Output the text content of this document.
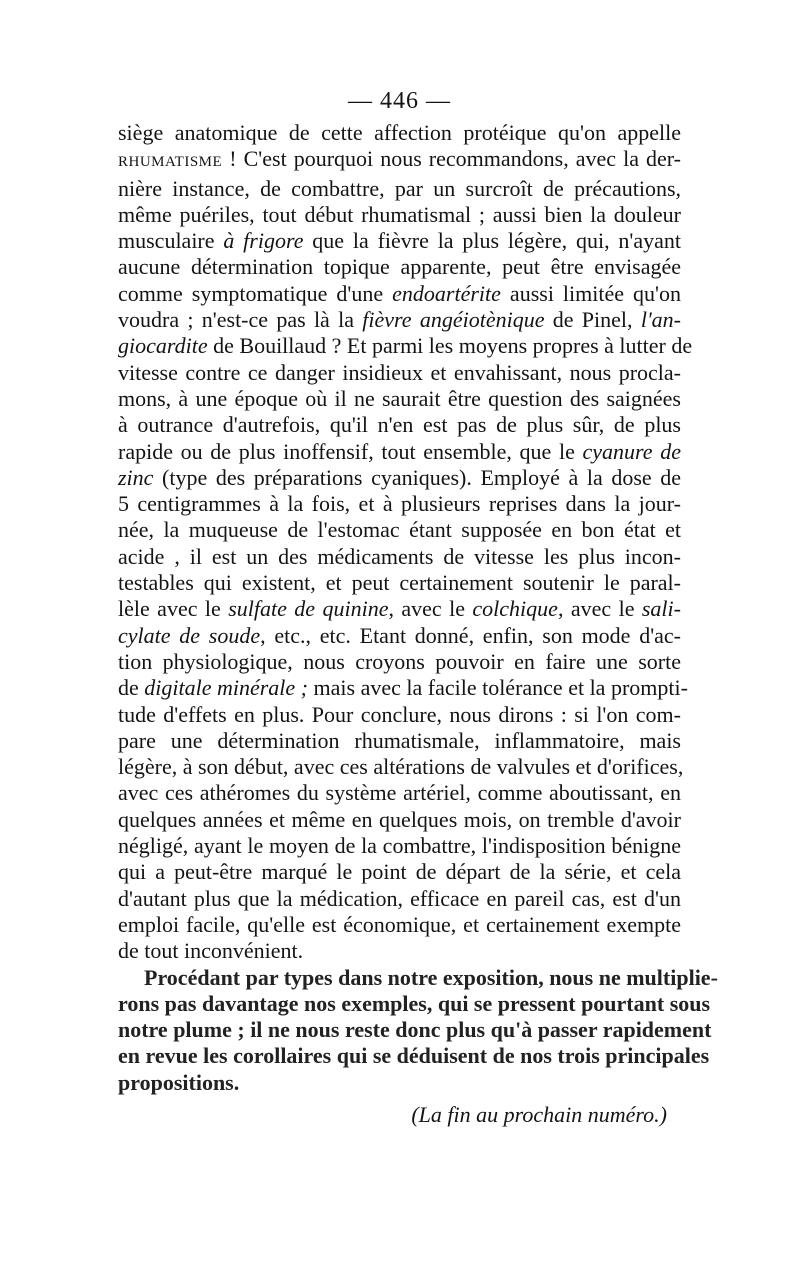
— 446 —
siège anatomique de cette affection protéique qu'on appelle
RHUMATISME ! C'est pourquoi nous recommandons, avec la der-
nière instance, de combattre, par un surcroît de précautions,
même puériles, tout début rhumatismal ; aussi bien la douleur
musculaire à frigore que la fièvre la plus légère, qui, n'ayant
aucune détermination topique apparente, peut être envisagée
comme symptomatique d'une endoartérite aussi limitée qu'on
voudra ; n'est-ce pas là la fièvre angéiotènique de Pinel, l'an-
giocardite de Bouillaud ? Et parmi les moyens propres à lutter de
vitesse contre ce danger insidieux et envahissant, nous procla-
mons, à une époque où il ne saurait être question des saignées
à outrance d'autrefois, qu'il n'en est pas de plus sûr, de plus
rapide ou de plus inoffensif, tout ensemble, que le cyanure de
zinc (type des préparations cyaniques). Employé à la dose de
5 centigrammes à la fois, et à plusieurs reprises dans la jour-
née, la muqueuse de l'estomac étant supposée en bon état et
acide , il est un des médicaments de vitesse les plus incon-
testables qui existent, et peut certainement soutenir le paral-
lèle avec le sulfate de quinine, avec le colchique, avec le sali-
cylate de soude, etc., etc. Etant donné, enfin, son mode d'ac-
tion physiologique, nous croyons pouvoir en faire une sorte
de digitale minérale ; mais avec la facile tolérance et la prompti-
tude d'effets en plus. Pour conclure, nous dirons : si l'on com-
pare une détermination rhumatismale, inflammatoire, mais
légère, à son début, avec ces altérations de valvules et d'orifices,
avec ces athéromes du système artériel, comme aboutissant, en
quelques années et même en quelques mois, on tremble d'avoir
négligé, ayant le moyen de la combattre, l'indisposition bénigne
qui a peut-être marqué le point de départ de la série, et cela
d'autant plus que la médication, efficace en pareil cas, est d'un
emploi facile, qu'elle est économique, et certainement exempte
de tout inconvénient.
Procédant par types dans notre exposition, nous ne multiplie-
rons pas davantage nos exemples, qui se pressent pourtant sous
notre plume ; il ne nous reste donc plus qu'à passer rapidement
en revue les corollaires qui se déduisent de nos trois principales
propositions.
(La fin au prochain numéro.)
